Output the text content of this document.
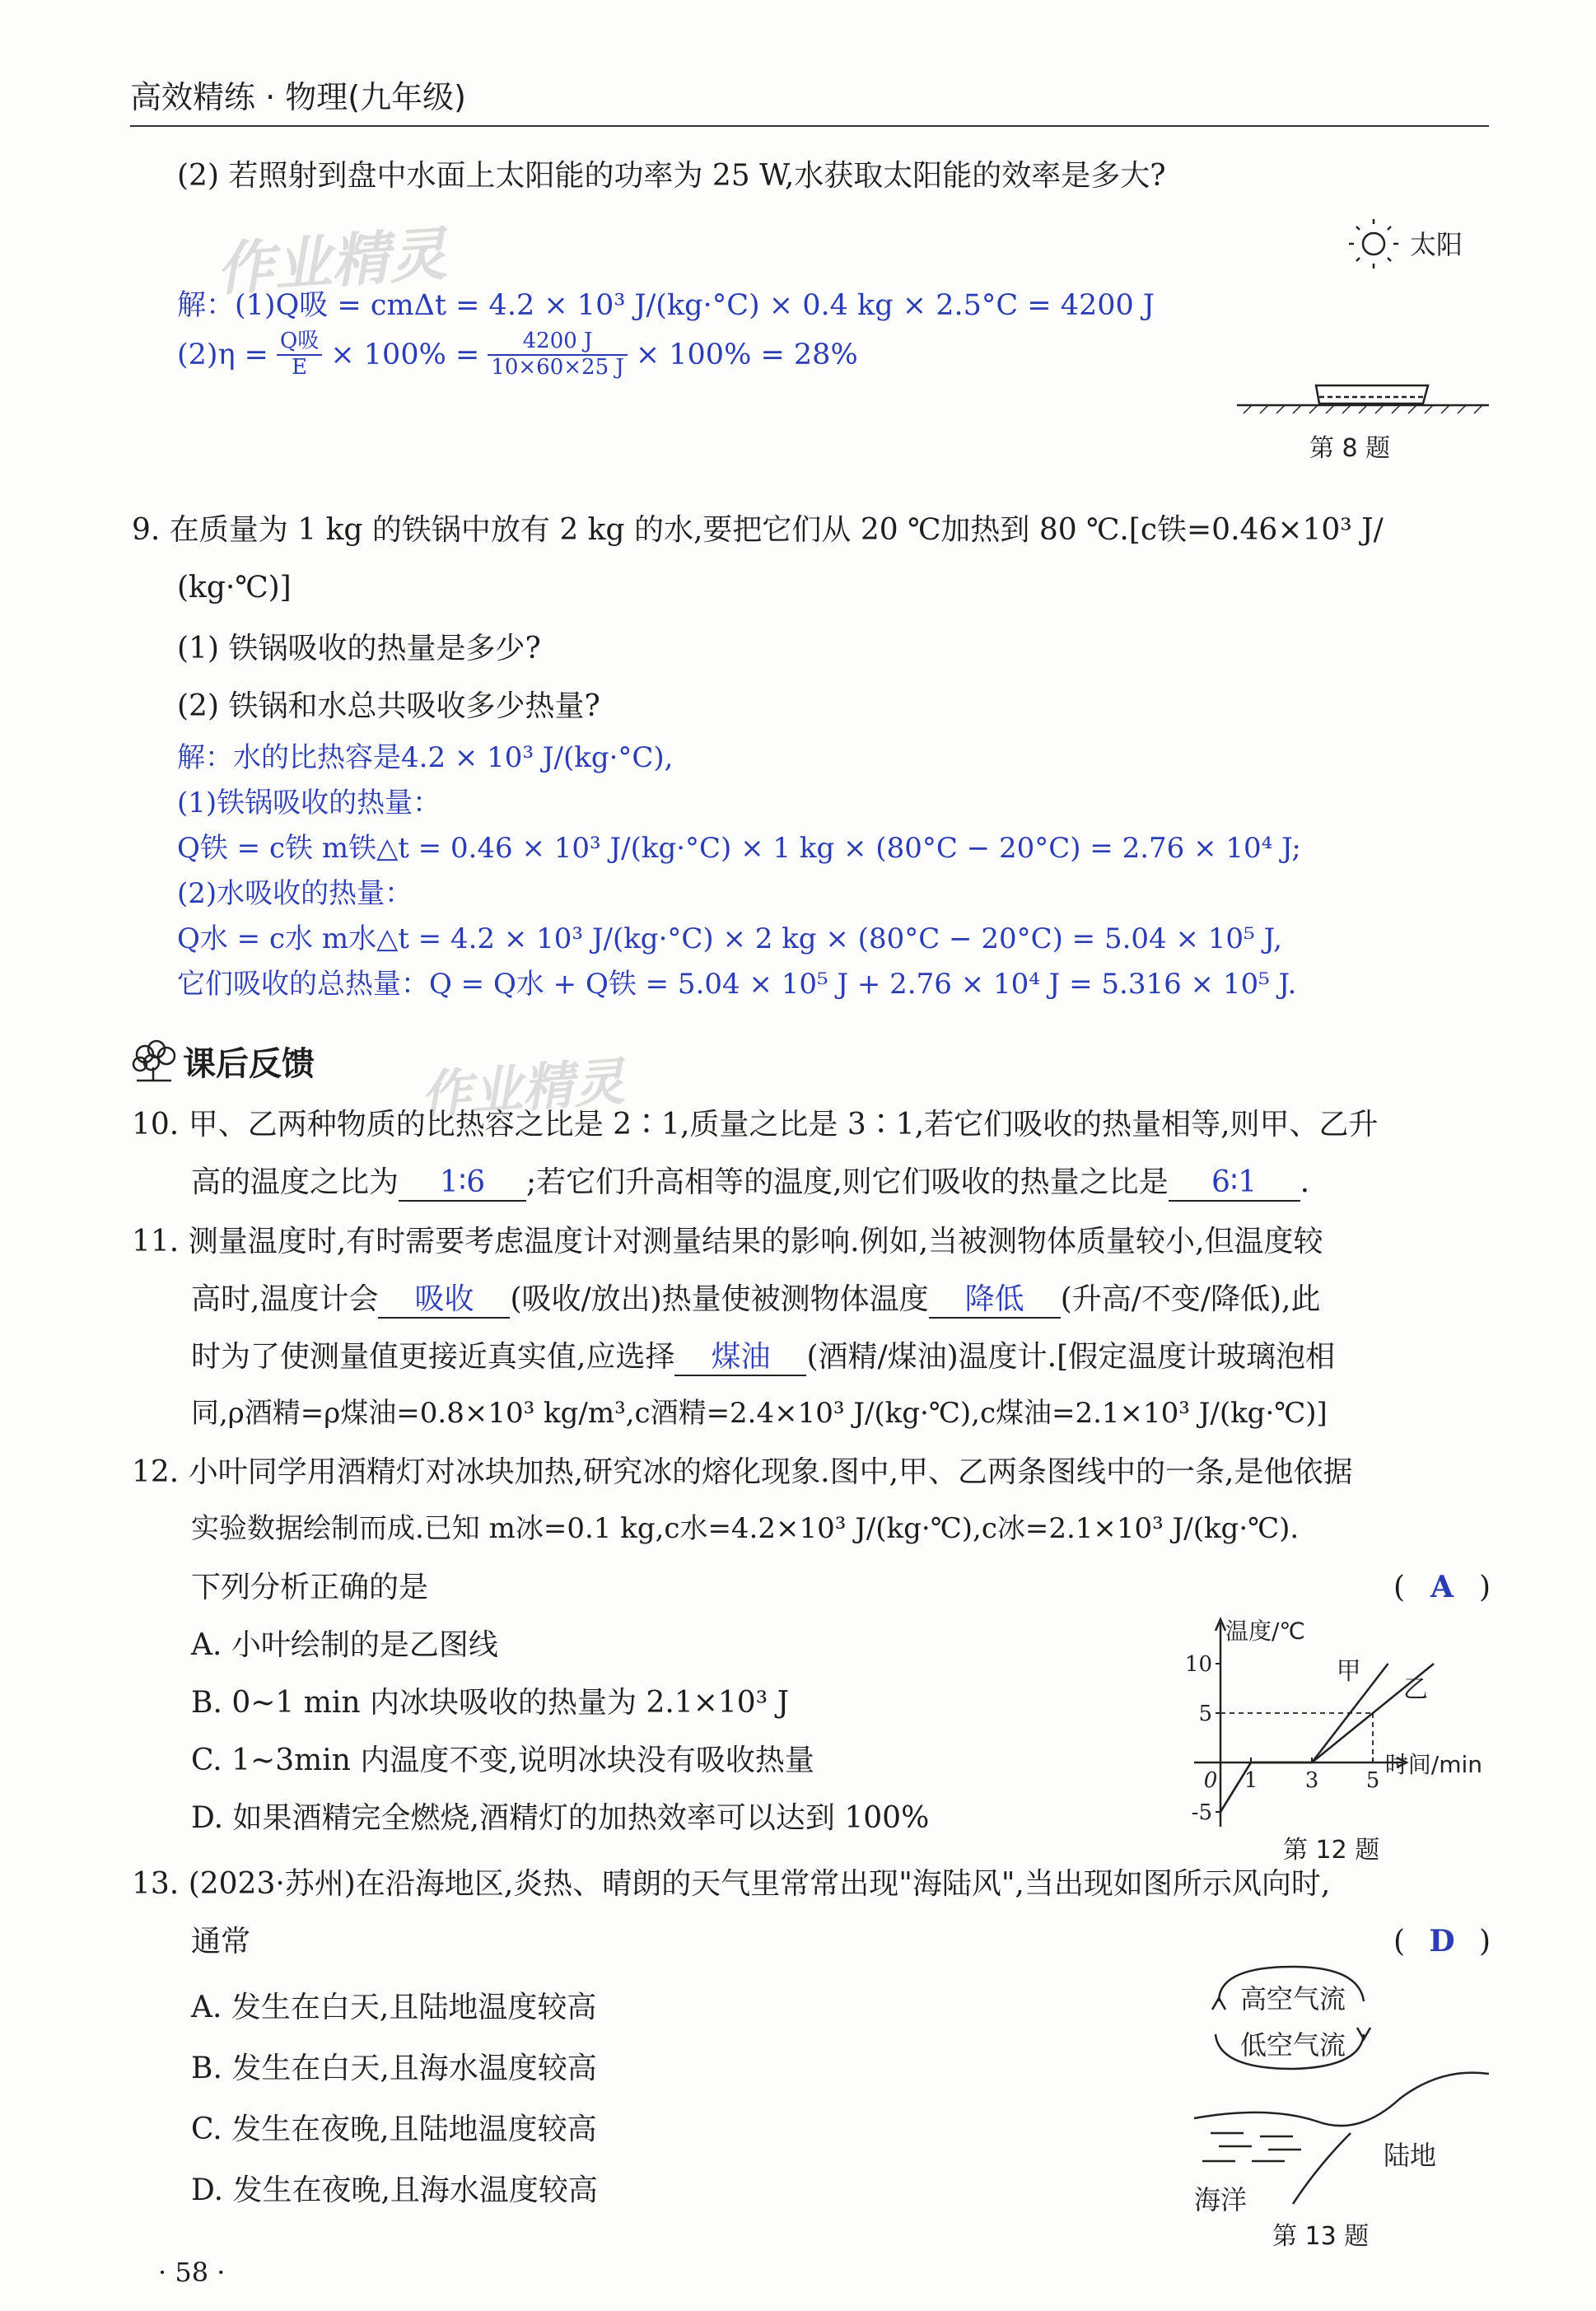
高效精练 · 物理(九年级)
作业精灵
作业精灵
(2) 若照射到盘中水面上太阳能的功率为 25 W,水获取太阳能的效率是多大?
解：(1)Q吸 = cmΔt = 4.2 × 10³ J/(kg·°C) × 0.4 kg × 2.5°C = 4200 J
$(2)\eta = \frac{\text{Q吸}}{E} \times 100\% = \frac{4200 J}{10\times 60\times 25 J} \times 100\% = 28\%$
太阳
第 8 题
9. 在质量为 1 kg 的铁锅中放有 2 kg 的水,要把它们从 20 ℃加热到 80 ℃.[c铁=0.46×10³ J/
(kg·℃)]
(1) 铁锅吸收的热量是多少?
(2) 铁锅和水总共吸收多少热量?
解：水的比热容是4.2 × 10³ J/(kg·°C),
(1)铁锅吸收的热量：
Q铁 = c铁 m铁△t = 0.46 × 10³ J/(kg·°C) × 1 kg × (80°C − 20°C) = 2.76 × 10⁴ J;
(2)水吸收的热量：
Q水 = c水 m水△t = 4.2 × 10³ J/(kg·°C) × 2 kg × (80°C − 20°C) = 5.04 × 10⁵ J,
它们吸收的总热量：Q = Q水 + Q铁 = 5.04 × 10⁵ J + 2.76 × 10⁴ J = 5.316 × 10⁵ J.
课后反馈
10. 甲、乙两种物质的比热容之比是 2∶1,质量之比是 3∶1,若它们吸收的热量相等,则甲、乙升
高的温度之比为	1∶6	;若它们升高相等的温度,则它们吸收的热量之比是	6∶1	.
11. 测量温度时,有时需要考虑温度计对测量结果的影响.例如,当被测物体质量较小,但温度较
高时,温度计会	吸收	(吸收/放出)热量使被测物体温度	降低	(升高/不变/降低),此
时为了使测量值更接近真实值,应选择	煤油	(酒精/煤油)温度计.[假定温度计玻璃泡相
同,ρ酒精=ρ煤油=0.8×10³ kg/m³,c酒精=2.4×10³ J/(kg·℃),c煤油=2.1×10³ J/(kg·℃)]
12. 小叶同学用酒精灯对冰块加热,研究冰的熔化现象.图中,甲、乙两条图线中的一条,是他依据
实验数据绘制而成.已知 m冰=0.1 kg,c水=4.2×10³ J/(kg·℃),c冰=2.1×10³ J/(kg·℃).
下列分析正确的是	( A )
A. 小叶绘制的是乙图线
B. 0~1 min 内冰块吸收的热量为 2.1×10³ J
C. 1~3min 内温度不变,说明冰块没有吸收热量
D. 如果酒精完全燃烧,酒精灯的加热效率可以达到 100%
第 12 题
温度/℃
时间/min
10
5
-5
0 1 3 5
甲
乙
13. (2023·苏州)在沿海地区,炎热、晴朗的天气里常常出现"海陆风",当出现如图所示风向时,
通常	( D )
A. 发生在白天,且陆地温度较高
B. 发生在白天,且海水温度较高
C. 发生在夜晚,且陆地温度较高
D. 发生在夜晚,且海水温度较高
高空气流
低空气流
陆地
海洋
第 13 题
· 58 ·
